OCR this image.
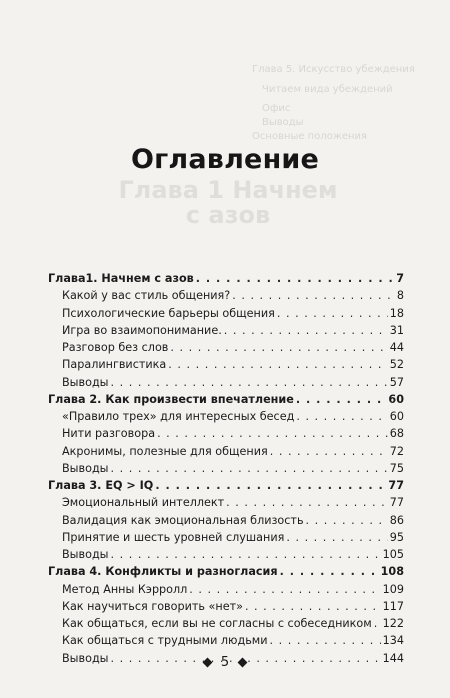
Глава 5. Искусство убеждения
Читаем вида убеждений
Офис
Выводы
Основные положения
Глава 1 Начнем с азов
Оглавление
Глава1. Начнем с азов . . .	7
Какой у вас стиль общения? . . .	8
Психологические барьеры общения . . .	18
Игра во взаимопонимание. . . .	31
Разговор без слов . . .	44
Паралингвистика . . .	52
Выводы . . .	57
Глава 2. Как произвести впечатление . . .	60
«Правило трех» для интересных бесед . . .	60
Нити разговора . . .	68
Акронимы, полезные для общения . . .	72
Выводы . . .	75
Глава 3. EQ > IQ . . .	77
Эмоциональный интеллект . . .	77
Валидация как эмоциональная близость . . .	86
Принятие и шесть уровней слушания . . .	95
Выводы . . .	105
Глава 4. Конфликты и разногласия . . .	108
Метод Анны Кэрролл . . .	109
Как научиться говорить «нет» . . .	117
Как общаться, если вы не согласны с собеседником . . . 122
Как общаться с трудными людьми . . .	134
Выводы . . .	144
5
